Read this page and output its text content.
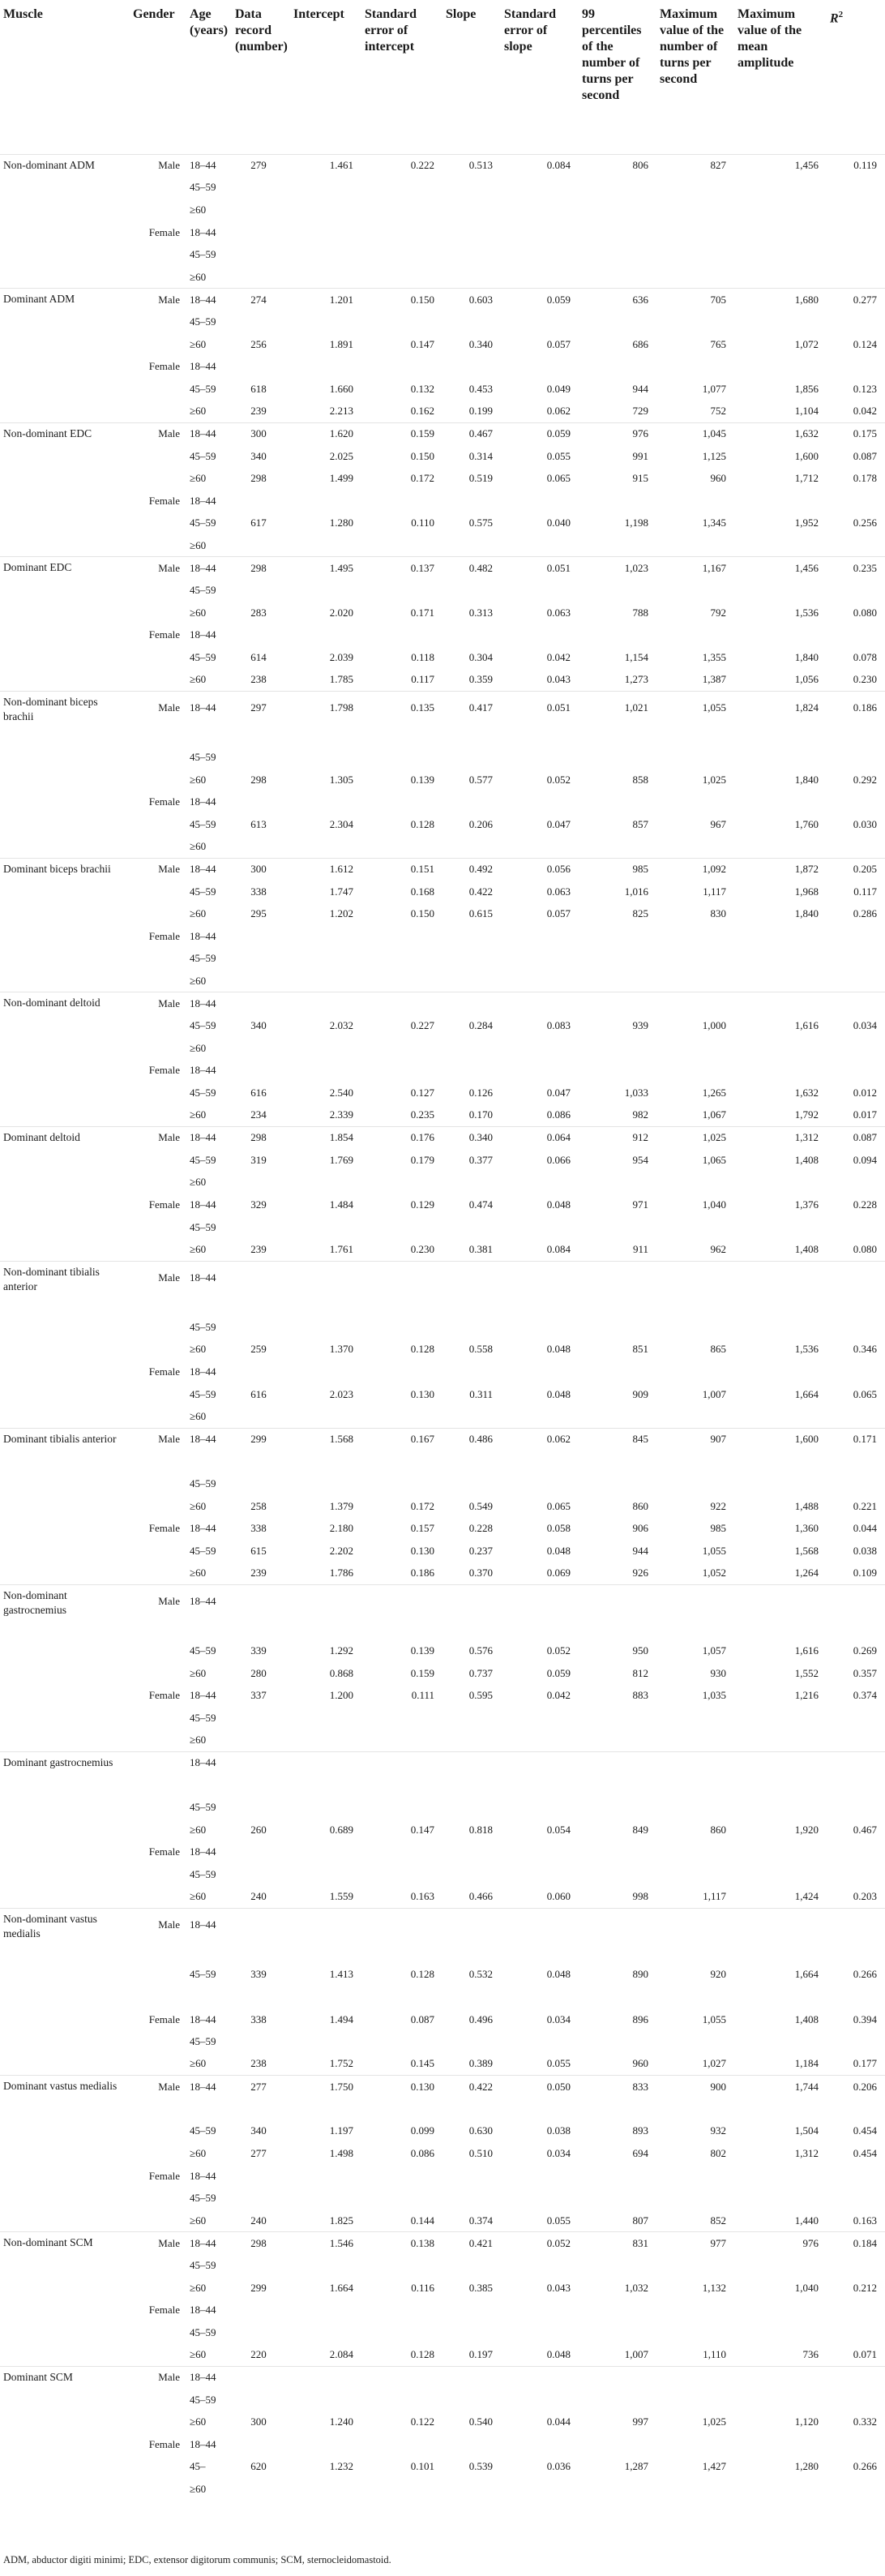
Muscle	Gender	Age (years)	Data record (number)	Intercept	Standard error of intercept	Slope	Standard error of slope	99 percentiles of the number of turns per second	Maximum value of the number of turns per second	Maximum value of the mean amplitude	$R^2$
Non-dominant ADM	Male	18–44	279	1.461	0.222	0.513	0.084	806	827	1,456	0.119
		45–59									
		≥60									
	Female	18–44									
		45–59									
		≥60									
Dominant ADM	Male	18–44	274	1.201	0.150	0.603	0.059	636	705	1,680	0.277
		45–59									
		≥60	256	1.891	0.147	0.340	0.057	686	765	1,072	0.124
	Female	18–44									
		45–59	618	1.660	0.132	0.453	0.049	944	1,077	1,856	0.123
		≥60	239	2.213	0.162	0.199	0.062	729	752	1,104	0.042
Non-dominant EDC	Male	18–44	300	1.620	0.159	0.467	0.059	976	1,045	1,632	0.175
		45–59	340	2.025	0.150	0.314	0.055	991	1,125	1,600	0.087
		≥60	298	1.499	0.172	0.519	0.065	915	960	1,712	0.178
	Female	18–44									
		45–59	617	1.280	0.110	0.575	0.040	1,198	1,345	1,952	0.256
		≥60									
Dominant EDC	Male	18–44	298	1.495	0.137	0.482	0.051	1,023	1,167	1,456	0.235
		45–59									
		≥60	283	2.020	0.171	0.313	0.063	788	792	1,536	0.080
	Female	18–44									
		45–59	614	2.039	0.118	0.304	0.042	1,154	1,355	1,840	0.078
		≥60	238	1.785	0.117	0.359	0.043	1,273	1,387	1,056	0.230
Non-dominant biceps brachii	Male	18–44	297	1.798	0.135	0.417	0.051	1,021	1,055	1,824	0.186

		45–59									
		≥60	298	1.305	0.139	0.577	0.052	858	1,025	1,840	0.292
	Female	18–44									
		45–59	613	2.304	0.128	0.206	0.047	857	967	1,760	0.030
		≥60									
Dominant biceps brachii	Male	18–44	300	1.612	0.151	0.492	0.056	985	1,092	1,872	0.205
		45–59	338	1.747	0.168	0.422	0.063	1,016	1,117	1,968	0.117
		≥60	295	1.202	0.150	0.615	0.057	825	830	1,840	0.286
	Female	18–44									
		45–59									
		≥60									
Non-dominant deltoid	Male	18–44									
		45–59	340	2.032	0.227	0.284	0.083	939	1,000	1,616	0.034
		≥60									
	Female	18–44									
		45–59	616	2.540	0.127	0.126	0.047	1,033	1,265	1,632	0.012
		≥60	234	2.339	0.235	0.170	0.086	982	1,067	1,792	0.017
Dominant deltoid	Male	18–44	298	1.854	0.176	0.340	0.064	912	1,025	1,312	0.087
		45–59	319	1.769	0.179	0.377	0.066	954	1,065	1,408	0.094
		≥60									
	Female	18–44	329	1.484	0.129	0.474	0.048	971	1,040	1,376	0.228
		45–59									
		≥60	239	1.761	0.230	0.381	0.084	911	962	1,408	0.080
Non-dominant tibialis anterior	Male	18–44									

		45–59									
		≥60	259	1.370	0.128	0.558	0.048	851	865	1,536	0.346
	Female	18–44									
		45–59	616	2.023	0.130	0.311	0.048	909	1,007	1,664	0.065
		≥60									
Dominant tibialis anterior	Male	18–44	299	1.568	0.167	0.486	0.062	845	907	1,600	0.171

		45–59									
		≥60	258	1.379	0.172	0.549	0.065	860	922	1,488	0.221
	Female	18–44	338	2.180	0.157	0.228	0.058	906	985	1,360	0.044
		45–59	615	2.202	0.130	0.237	0.048	944	1,055	1,568	0.038
		≥60	239	1.786	0.186	0.370	0.069	926	1,052	1,264	0.109
Non-dominant gastrocnemius	Male	18–44									

		45–59	339	1.292	0.139	0.576	0.052	950	1,057	1,616	0.269
		≥60	280	0.868	0.159	0.737	0.059	812	930	1,552	0.357
	Female	18–44	337	1.200	0.111	0.595	0.042	883	1,035	1,216	0.374
		45–59									
		≥60									
Dominant gastrocnemius		18–44									

		45–59									
		≥60	260	0.689	0.147	0.818	0.054	849	860	1,920	0.467
	Female	18–44									
		45–59									
		≥60	240	1.559	0.163	0.466	0.060	998	1,117	1,424	0.203
Non-dominant vastus medialis	Male	18–44									

		45–59	339	1.413	0.128	0.532	0.048	890	920	1,664	0.266

	Female	18–44	338	1.494	0.087	0.496	0.034	896	1,055	1,408	0.394
		45–59									
		≥60	238	1.752	0.145	0.389	0.055	960	1,027	1,184	0.177
Dominant vastus medialis	Male	18–44	277	1.750	0.130	0.422	0.050	833	900	1,744	0.206

		45–59	340	1.197	0.099	0.630	0.038	893	932	1,504	0.454
		≥60	277	1.498	0.086	0.510	0.034	694	802	1,312	0.454
	Female	18–44									
		45–59									
		≥60	240	1.825	0.144	0.374	0.055	807	852	1,440	0.163
Non-dominant SCM	Male	18–44	298	1.546	0.138	0.421	0.052	831	977	976	0.184
		45–59									
		≥60	299	1.664	0.116	0.385	0.043	1,032	1,132	1,040	0.212
	Female	18–44									
		45–59									
		≥60	220	2.084	0.128	0.197	0.048	1,007	1,110	736	0.071
Dominant SCM	Male	18–44									
		45–59									
		≥60	300	1.240	0.122	0.540	0.044	997	1,025	1,120	0.332
	Female	18–44									
		45–	620	1.232	0.101	0.539	0.036	1,287	1,427	1,280	0.266
		≥60									
ADM, abductor digiti minimi; EDC, extensor digitorum communis; SCM, sternocleidomastoid.
